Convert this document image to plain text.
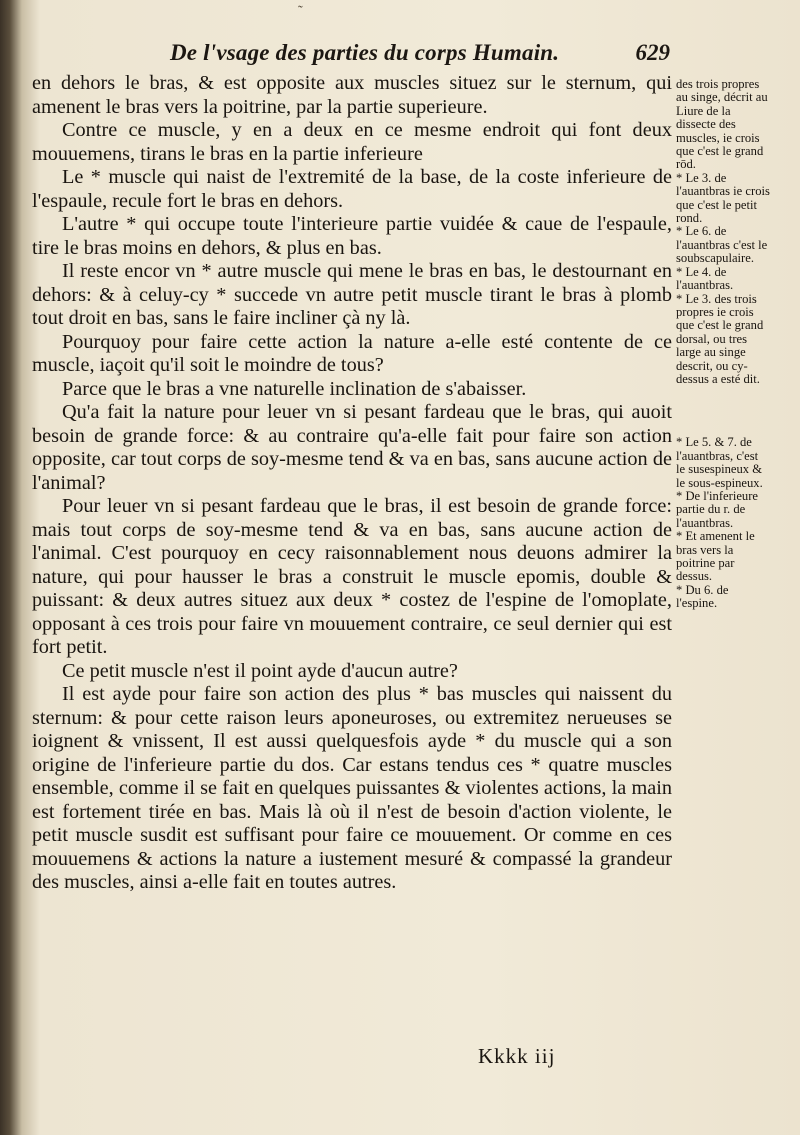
˜
De l'vsage des parties du corps Humain.	629

en dehors le bras, & est opposite aux muscles situez sur le sternum, qui amenent le bras vers la poitrine, par la partie superieure.

Contre ce muscle, y en a deux en ce mesme endroit qui font deux mouuemens, tirans le bras en la partie inferieure

Le * muscle qui naist de l'extremité de la base, de la coste inferieure de l'espaule, recule fort le bras en dehors.

L'autre * qui occupe toute l'interieure partie vuidée & caue de l'espaule, tire le bras moins en dehors, & plus en bas.

Il reste encor vn * autre muscle qui mene le bras en bas, le destournant en dehors: & à celuy-cy * succede vn autre petit muscle tirant le bras à plomb tout droit en bas, sans le faire incliner çà ny là.

Pourquoy pour faire cette action la nature a-elle esté contente de ce muscle, iaçoit qu'il soit le moindre de tous?

Parce que le bras a vne naturelle inclination de s'abaisser.

Qu'a fait la nature pour leuer vn si pesant fardeau que le bras, qui auoit besoin de grande force: & au contraire qu'a-elle fait pour faire son action opposite, car tout corps de soy-mesme tend & va en bas, sans aucune action de l'animal?

Pour leuer vn si pesant fardeau que le bras, il est besoin de grande force: mais tout corps de soy-mesme tend & va en bas, sans aucune action de l'animal. C'est pourquoy en cecy raisonnablement nous deuons admirer la nature, qui pour hausser le bras a construit le muscle epomis, double & puissant: & deux autres situez aux deux * costez de l'espine de l'omoplate, opposant à ces trois pour faire vn mouuement contraire, ce seul dernier qui est fort petit.

Ce petit muscle n'est il point ayde d'aucun autre?

Il est ayde pour faire son action des plus * bas muscles qui naissent du sternum: & pour cette raison leurs aponeuroses, ou extremitez nerueuses se ioignent & vnissent, Il est aussi quelquesfois ayde * du muscle qui a son origine de l'inferieure partie du dos. Car estans tendus ces * quatre muscles ensemble, comme il se fait en quelques puissantes & violentes actions, la main est fortement tirée en bas. Mais là où il n'est de besoin d'action violente, le petit muscle susdit est suffisant pour faire ce mouuement. Or comme en ces mouuemens & actions la nature a iustement mesuré & compassé la grandeur des muscles, ainsi a-elle fait en toutes autres.

des trois propres au singe, décrit au Liure de la dissecte des muscles, ie crois que c'est le grand rōd.

* Le 3. de l'auantbras ie crois que c'est le petit rond.

* Le 6. de l'auantbras c'est le soubscapulaire.

* Le 4. de l'auantbras.

* Le 3. des trois propres ie crois que c'est le grand dorsal, ou tres large au singe descrit, ou cy-dessus a esté dit.

* Le 5. & 7. de l'auantbras, c'est le susespineux & le sous-espineux.

* De l'inferieure partie du r. de l'auantbras.

* Et amenent le bras vers la poitrine par dessus.

* Du 6. de l'espine.

Kkkk iij
